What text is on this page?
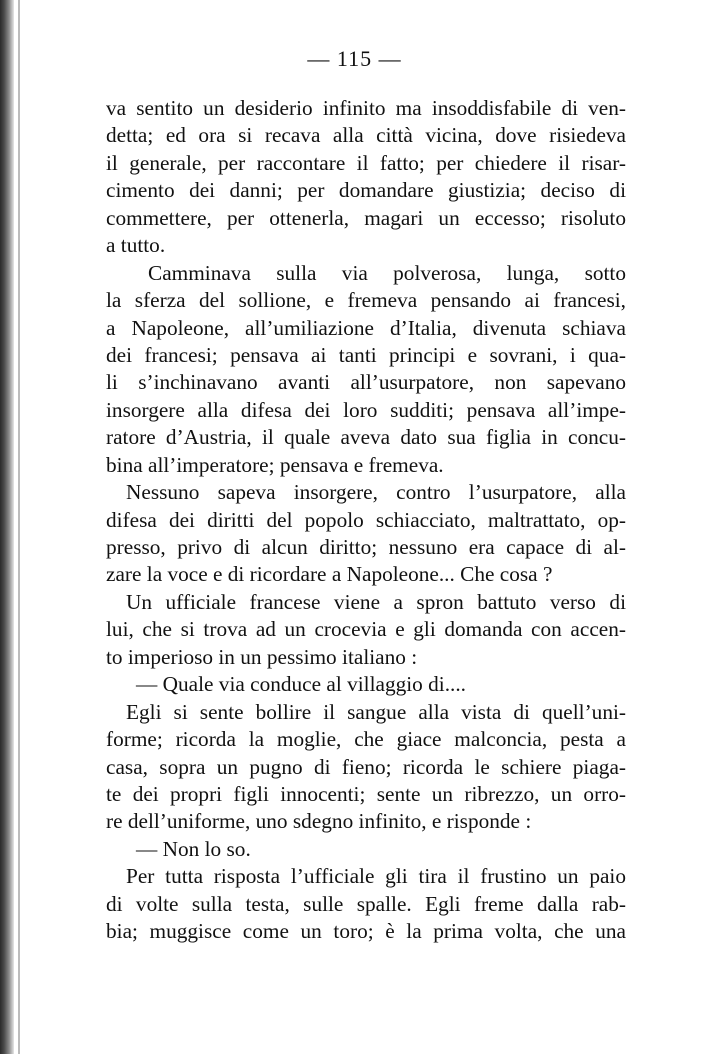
— 115 —
va sentito un desiderio infinito ma insoddisfabile di ven-
detta; ed ora si recava alla città vicina, dove risiedeva
il generale, per raccontare il fatto; per chiedere il risar-
cimento dei danni; per domandare giustizia; deciso di
commettere, per ottenerla, magari un eccesso; risoluto
a tutto.
Camminava sulla via polverosa, lunga, sotto
la sferza del sollione, e fremeva pensando ai francesi,
a Napoleone, all’umiliazione d’Italia, divenuta schiava
dei francesi; pensava ai tanti principi e sovrani, i qua-
li s’inchinavano avanti all’usurpatore, non sapevano
insorgere alla difesa dei loro sudditi; pensava all’impe-
ratore d’Austria, il quale aveva dato sua figlia in concu-
bina all’imperatore; pensava e fremeva.
Nessuno sapeva insorgere, contro l’usurpatore, alla
difesa dei diritti del popolo schiacciato, maltrattato, op-
presso, privo di alcun diritto; nessuno era capace di al-
zare la voce e di ricordare a Napoleone... Che cosa ?
Un ufficiale francese viene a spron battuto verso di
lui, che si trova ad un crocevia e gli domanda con accen-
to imperioso in un pessimo italiano :
— Quale via conduce al villaggio di....
Egli si sente bollire il sangue alla vista di quell’uni-
forme; ricorda la moglie, che giace malconcia, pesta a
casa, sopra un pugno di fieno; ricorda le schiere piaga-
te dei propri figli innocenti; sente un ribrezzo, un orro-
re dell’uniforme, uno sdegno infinito, e risponde :
— Non lo so.
Per tutta risposta l’ufficiale gli tira il frustino un paio
di volte sulla testa, sulle spalle. Egli freme dalla rab-
bia; muggisce come un toro; è la prima volta, che una
